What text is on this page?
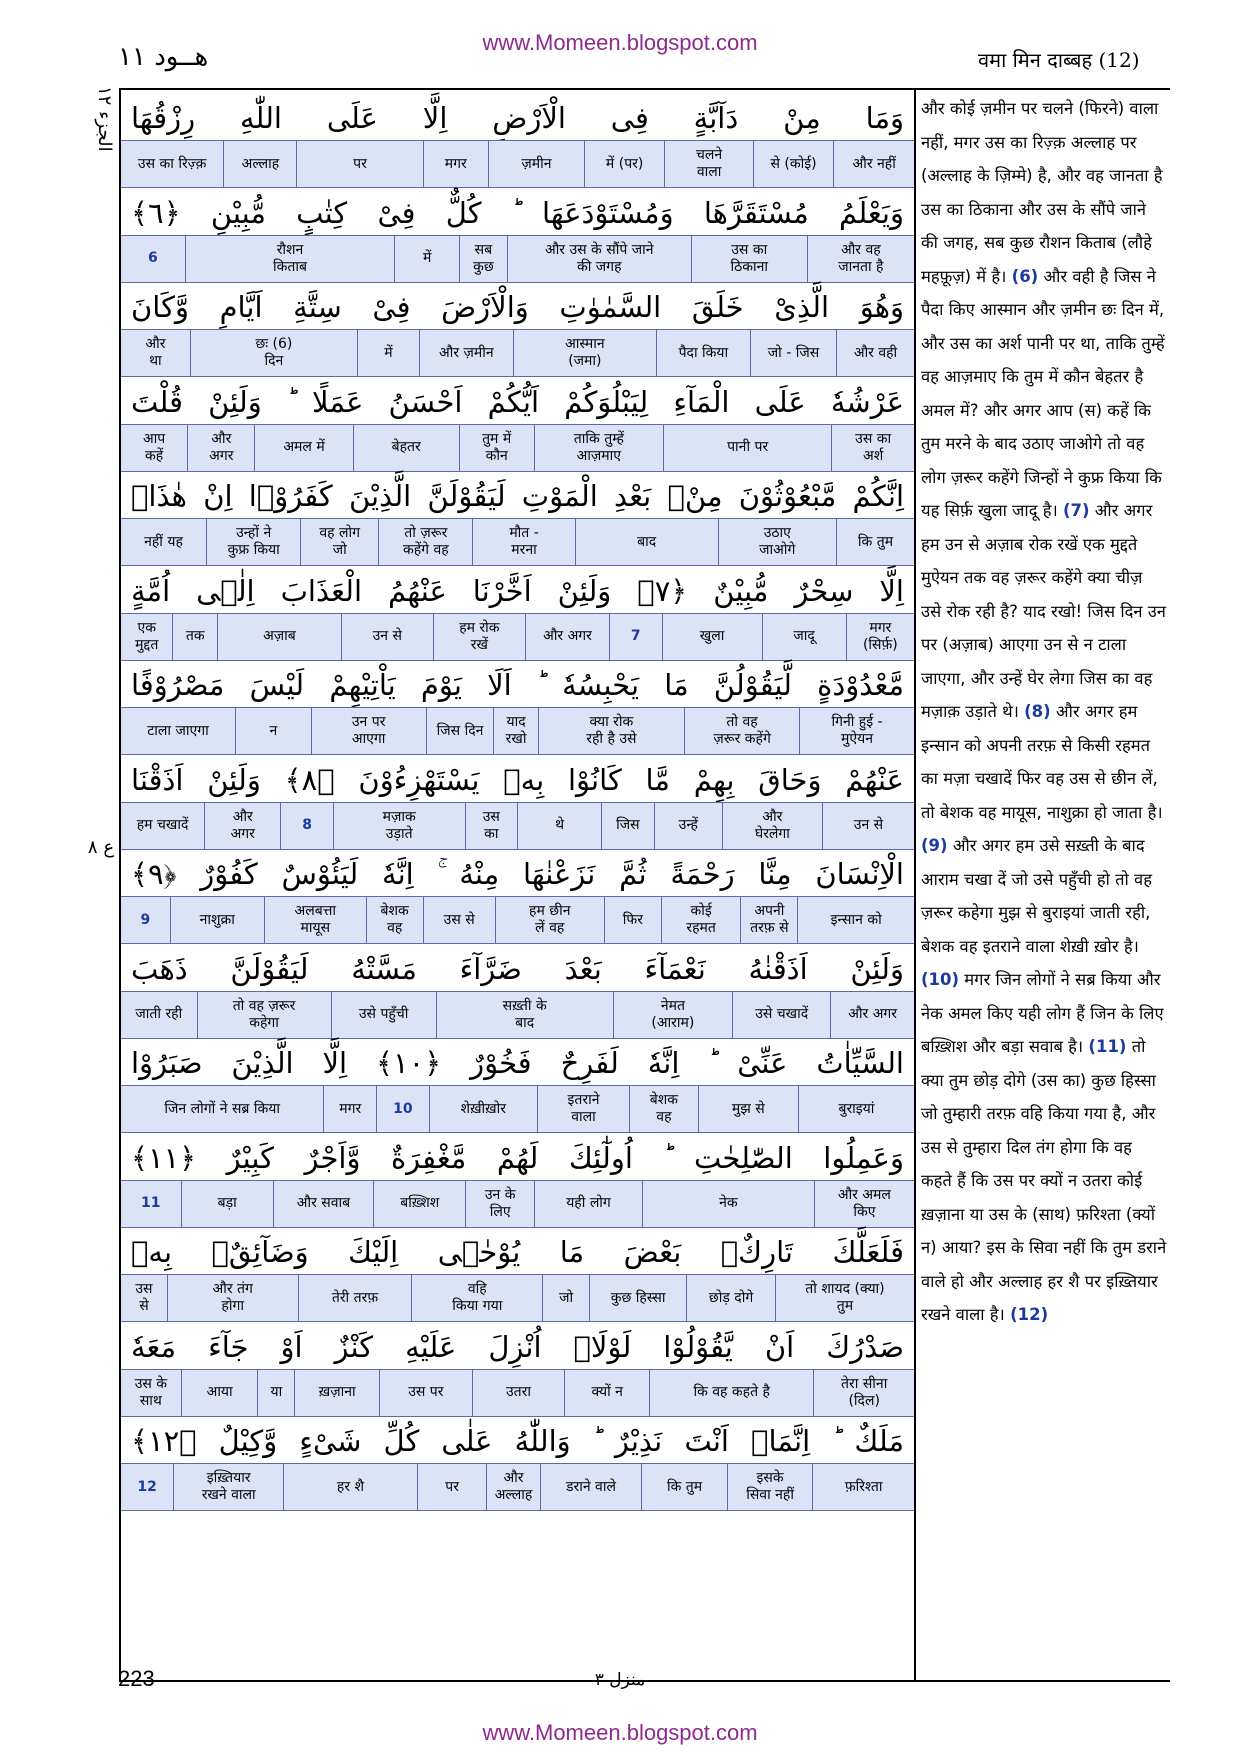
www.Momeen.blogspot.com
هــود ۱۱	वमा मिन दाब्बह (12)
الجزء ١٢
ع ٨
وَمَا مِنْ دَآبَّةٍ فِی الْاَرْضِ اِلَّا عَلَی اللّٰهِ رِزْقُهَا
और नहीं
से (कोई)
चलने
वाला
में (पर)
ज़मीन
मगर
पर
अल्लाह
उस का रिज़्क़
وَيَعْلَمُ مُسْتَقَرَّهَا وَمُسْتَوْدَعَهَا ؕ كُلٌّ فِیْ كِتٰبٍ مُّبِیْنٍ ﴿٦﴾
और वह
जानता है
उस का
ठिकाना
और उस के सौंपे जाने
की जगह
सब
कुछ
में
रौशन
किताब
6
وَهُوَ الَّذِیْ خَلَقَ السَّمٰوٰتِ وَالْاَرْضَ فِیْ سِتَّةِ اَیَّامٍ وَّكَانَ
और वही
जो - जिस
पैदा किया
आस्मान
(जमा)
और ज़मीन
में
छः (6)
दिन
और
था
عَرْشُهٗ عَلَی الْمَآءِ لِيَبْلُوَكُمْ اَيُّكُمْ اَحْسَنُ عَمَلًا ؕ وَلَئِنْ قُلْتَ
उस का
अर्श
पानी पर
ताकि तुम्हें
आज़माए
तुम में
कौन
बेहतर
अमल में
और
अगर
आप
कहें
اِنَّكُمْ مَّبْعُوْثُوْنَ مِنْۢ بَعْدِ الْمَوْتِ لَيَقُوْلَنَّ الَّذِیْنَ كَفَرُوْۤا اِنْ هٰذَاۤ
कि तुम
उठाए
जाओगे
बाद
मौत -
मरना
तो ज़रूर
कहेंगे वह
वह लोग
जो
उन्हों ने
कुफ्र किया
नहीं यह
اِلَّا سِحْرٌ مُّبِیْنٌ ﴿٧﴾ وَلَئِنْ اَخَّرْنَا عَنْهُمُ الْعَذَابَ اِلٰۤی اُمَّةٍ
मगर
(सिर्फ़)
जादू
खुला
7
और अगर
हम रोक
रखें
उन से
अज़ाब
तक
एक
मुद्दत
مَّعْدُوْدَةٍ لَّيَقُوْلُنَّ مَا يَحْبِسُهٗ ؕ اَلَا يَوْمَ يَاْتِيْهِمْ لَيْسَ مَصْرُوْفًا
गिनी हुई -
मुऐयन
तो वह
ज़रूर कहेंगे
क्या रोक
रही है उसे
याद
रखो
जिस दिन
उन पर
आएगा
न
टाला जाएगा
عَنْهُمْ وَحَاقَ بِهِمْ مَّا كَانُوْا بِهٖ يَسْتَهْزِءُوْنَ ﴿٨﴾ وَلَئِنْ اَذَقْنَا
उन से
और
घेरलेगा
उन्हें
जिस
थे
उस
का
मज़ाक
उड़ाते
8
और
अगर
हम चखादें
الْاِنْسَانَ مِنَّا رَحْمَةً ثُمَّ نَزَعْنٰهَا مِنْهُ ۚ اِنَّهٗ لَيَئُوْسٌ كَفُوْرٌ ﴿٩﴾
इन्सान को
अपनी
तरफ़ से
कोई
रहमत
फिर
हम छीन
लें वह
उस से
बेशक
वह
अलबत्ता
मायूस
नाशुक्रा
9
وَلَئِنْ اَذَقْنٰهُ نَعْمَآءَ بَعْدَ ضَرَّآءَ مَسَّتْهُ لَيَقُوْلَنَّ ذَهَبَ
और अगर
उसे चखादें
नेमत
(आराम)
सख़्ती के
बाद
उसे पहुँची
तो वह ज़रूर
कहेगा
जाती रही
السَّيِّاٰتُ عَنِّیْ ؕ اِنَّهٗ لَفَرِحٌ فَخُوْرٌ ﴿١٠﴾ اِلَّا الَّذِیْنَ صَبَرُوْا
बुराइयां
मुझ से
बेशक
वह
इतराने
वाला
शेख़ीख़ोर
10
मगर
जिन लोगों ने सब्र किया
وَعَمِلُوا الصّٰلِحٰتِ ؕ اُولٰٓئِكَ لَهُمْ مَّغْفِرَةٌ وَّاَجْرٌ كَبِیْرٌ ﴿١١﴾
और अमल
किए
नेक
यही लोग
उन के
लिए
बख़्शिश
और सवाब
बड़ा
11
فَلَعَلَّكَ تَارِكٌۢ بَعْضَ مَا يُوْحٰۤی اِلَيْكَ وَضَآئِقٌۢ بِهٖ
तो शायद (क्या)
तुम
छोड़ दोगे
कुछ हिस्सा
जो
वहि
किया गया
तेरी तरफ़
और तंग
होगा
उस
से
صَدْرُكَ اَنْ يَّقُوْلُوْا لَوْلَاۤ اُنْزِلَ عَلَيْهِ كَنْزٌ اَوْ جَآءَ مَعَهٗ
तेरा सीना
(दिल)
कि वह कहते है
क्यों न
उतरा
उस पर
ख़ज़ाना
या
आया
उस के
साथ
مَلَكٌ ؕ اِنَّمَاۤ اَنْتَ نَذِیْرٌ ؕ وَاللّٰهُ عَلٰی كُلِّ شَیْءٍ وَّكِیْلٌ ﴿١٢﴾
फ़रिश्ता
इसके
सिवा नहीं
कि तुम
डराने वाले
और
अल्लाह
पर
हर शै
इख़्तियार
रखने वाला
12
और कोई ज़मीन पर चलने (फिरने) वाला नहीं, मगर उस का रिज़्क़ अल्लाह पर (अल्लाह के ज़िम्मे) है, और वह जानता है उस का ठिकाना और उस के सौंपे जाने की जगह, सब कुछ रौशन किताब (लौहे महफ़ूज़) में है। (6) और वही है जिस ने पैदा किए आस्मान और ज़मीन छः दिन में, और उस का अर्श पानी पर था, ताकि तुम्हें वह आज़माए कि तुम में कौन बेहतर है अमल में? और अगर आप (स) कहें कि तुम मरने के बाद उठाए जाओगे तो वह लोग ज़रूर कहेंगे जिन्हों ने कुफ्र किया कि यह सिर्फ़ खुला जादू है। (7) और अगर हम उन से अज़ाब रोक रखें एक मुद्दते मुऐयन तक वह ज़रूर कहेंगे क्या चीज़ उसे रोक रही है? याद रखो! जिस दिन उन पर (अज़ाब) आएगा उन से न टाला जाएगा, और उन्हें घेर लेगा जिस का वह मज़ाक़ उड़ाते थे। (8) और अगर हम इन्सान को अपनी तरफ़ से किसी रहमत का मज़ा चखादें फिर वह उस से छीन लें, तो बेशक वह मायूस, नाशुक्रा हो जाता है। (9) और अगर हम उसे सख़्ती के बाद आराम चखा दें जो उसे पहुँची हो तो वह ज़रूर कहेगा मुझ से बुराइयां जाती रही, बेशक वह इतराने वाला शेख़ी ख़ोर है। (10) मगर जिन लोगों ने सब्र किया और नेक अमल किए यही लोग हैं जिन के लिए बख़्शिश और बड़ा सवाब है। (11) तो क्या तुम छोड़ दोगे (उस का) कुछ हिस्सा जो तुम्हारी तरफ़ वहि किया गया है, और उस से तुम्हारा दिल तंग होगा कि वह कहते हैं कि उस पर क्यों न उतरा कोई ख़ज़ाना या उस के (साथ) फ़रिश्ता (क्यों न) आया? इस के सिवा नहीं कि तुम डराने वाले हो और अल्लाह हर शै पर इख़्तियार रखने वाला है। (12)
223	منزل ٣
www.Momeen.blogspot.com
